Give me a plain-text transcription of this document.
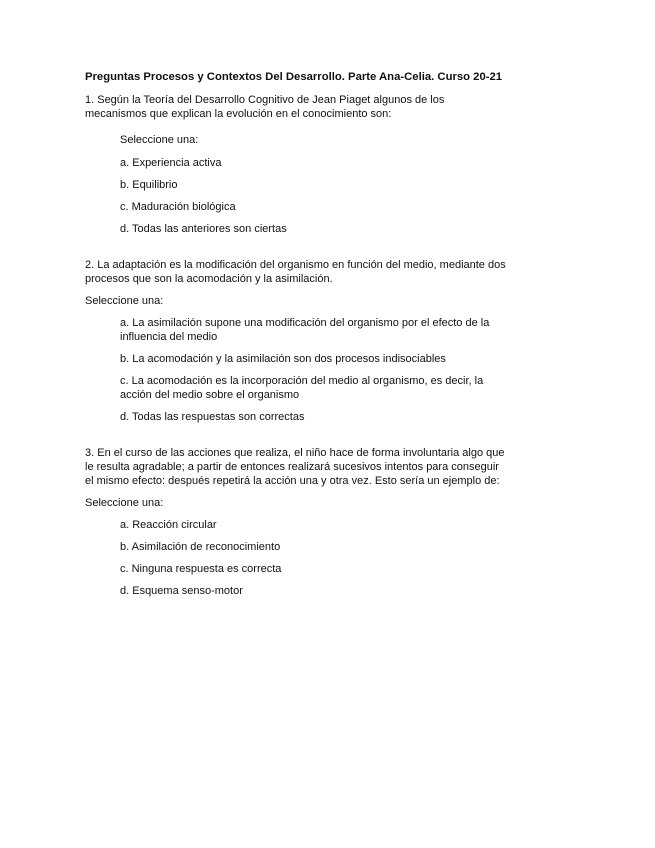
Preguntas Procesos y Contextos Del Desarrollo. Parte Ana-Celia. Curso 20-21
1. Según la Teoría del Desarrollo Cognitivo de Jean Piaget algunos de los
mecanismos que explican la evolución en el conocimiento son:
Seleccione una:
a. Experiencia activa
b. Equilibrio
c. Maduración biológica
d. Todas las anteriores son ciertas
2. La adaptación es la modificación del organismo en función del medio, mediante dos
procesos que son la acomodación y la asimilación.
Seleccione una:
a. La asimilación supone una modificación del organismo por el efecto de la
influencia del medio
b. La acomodación y la asimilación son dos procesos indisociables
c. La acomodación es la incorporación del medio al organismo, es decir, la
acción del medio sobre el organismo
d. Todas las respuestas son correctas
3. En el curso de las acciones que realiza, el niño hace de forma involuntaria algo que
le resulta agradable; a partir de entonces realizará sucesivos intentos para conseguir
el mismo efecto: después repetirá la acción una y otra vez. Esto sería un ejemplo de:
Seleccione una:
a. Reacción circular
b. Asimilación de reconocimiento
c. Ninguna respuesta es correcta
d. Esquema senso-motor
